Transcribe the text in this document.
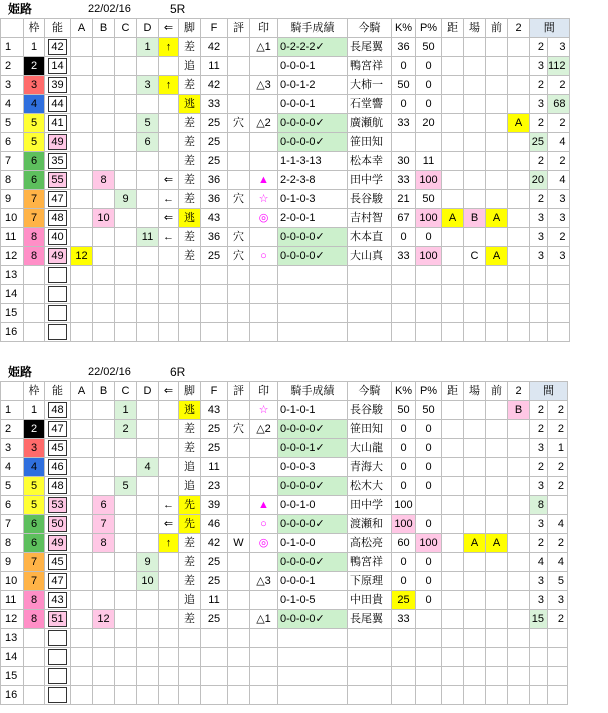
姫路	22/02/16	5R
	枠	能	A	B	C	D	⇐	脚	F	評	印	騎手成績	今騎	K%	P%	距	場	前	2	間	
1	1	42				1	↑	差	42		△1	0-2-2-2✓	長尾翼	36	50					2	3
2	2	14						追	11			0-0-0-1	鴨宮祥	0	0					3	112
3	3	39				3	↑	差	42		△3	0-0-1-2	大柿一	50	0					2	2
4	4	44						逃	33			0-0-0-1	石堂響	0	0					3	68
5	5	41				5		差	25	穴	△2	0-0-0-0✓	廣瀬航	33	20				A	2	2
6	5	49				6		差	25			0-0-0-0✓	笹田知							25	4
7	6	35						差	25			1-1-3-13	松本幸	30	11					2	2
8	6	55		8			⇐	差	36		▲	2-2-3-8	田中学	33	100					20	4
9	7	47			9		←	差	36	穴	☆	0-1-0-3	長谷駿	21	50					2	3
10	7	48		10			⇐	逃	43		◎	2-0-0-1	吉村智	67	100	A	B	A		3	3
11	8	40				11	←	差	36	穴		0-0-0-0✓	木本直	0	0					3	2
12	8	49	12					差	25	穴	○	0-0-0-0✓	大山真	33	100		C	A		3	3
13																					
14																					
15																					
16																					
姫路	22/02/16	6R
	枠	能	A	B	C	D	⇐	脚	F	評	印	騎手成績	今騎	K%	P%	距	場	前	2	間	
1	1	48			1			逃	43		☆	0-1-0-1	長谷駿	50	50				B	2	2
2	2	47			2			差	25	穴	△2	0-0-0-0✓	笹田知	0	0					2	2
3	3	45						差	25			0-0-0-1✓	大山龍	0	0					3	1
4	4	46				4		追	11			0-0-0-3	青海大	0	0					2	2
5	5	48			5			追	23			0-0-0-0✓	松木大	0	0					3	2
6	5	53		6			←	先	39		▲	0-0-1-0	田中学	100						8	
7	6	50		7			⇐	先	46		○	0-0-0-0✓	渡瀬和	100	0					3	4
8	6	49		8			↑	差	42	W	◎	0-1-0-0	高松亮	60	100		A	A		2	2
9	7	45				9		差	25			0-0-0-0✓	鴨宮祥	0	0					4	4
10	7	47				10		差	25		△3	0-0-0-1	下原理	0	0					3	5
11	8	43						追	11			0-1-0-5	中田貴	25	0					3	3
12	8	51		12				差	25		△1	0-0-0-0✓	長尾翼	33						15	2
13																					
14																					
15																					
16																					
